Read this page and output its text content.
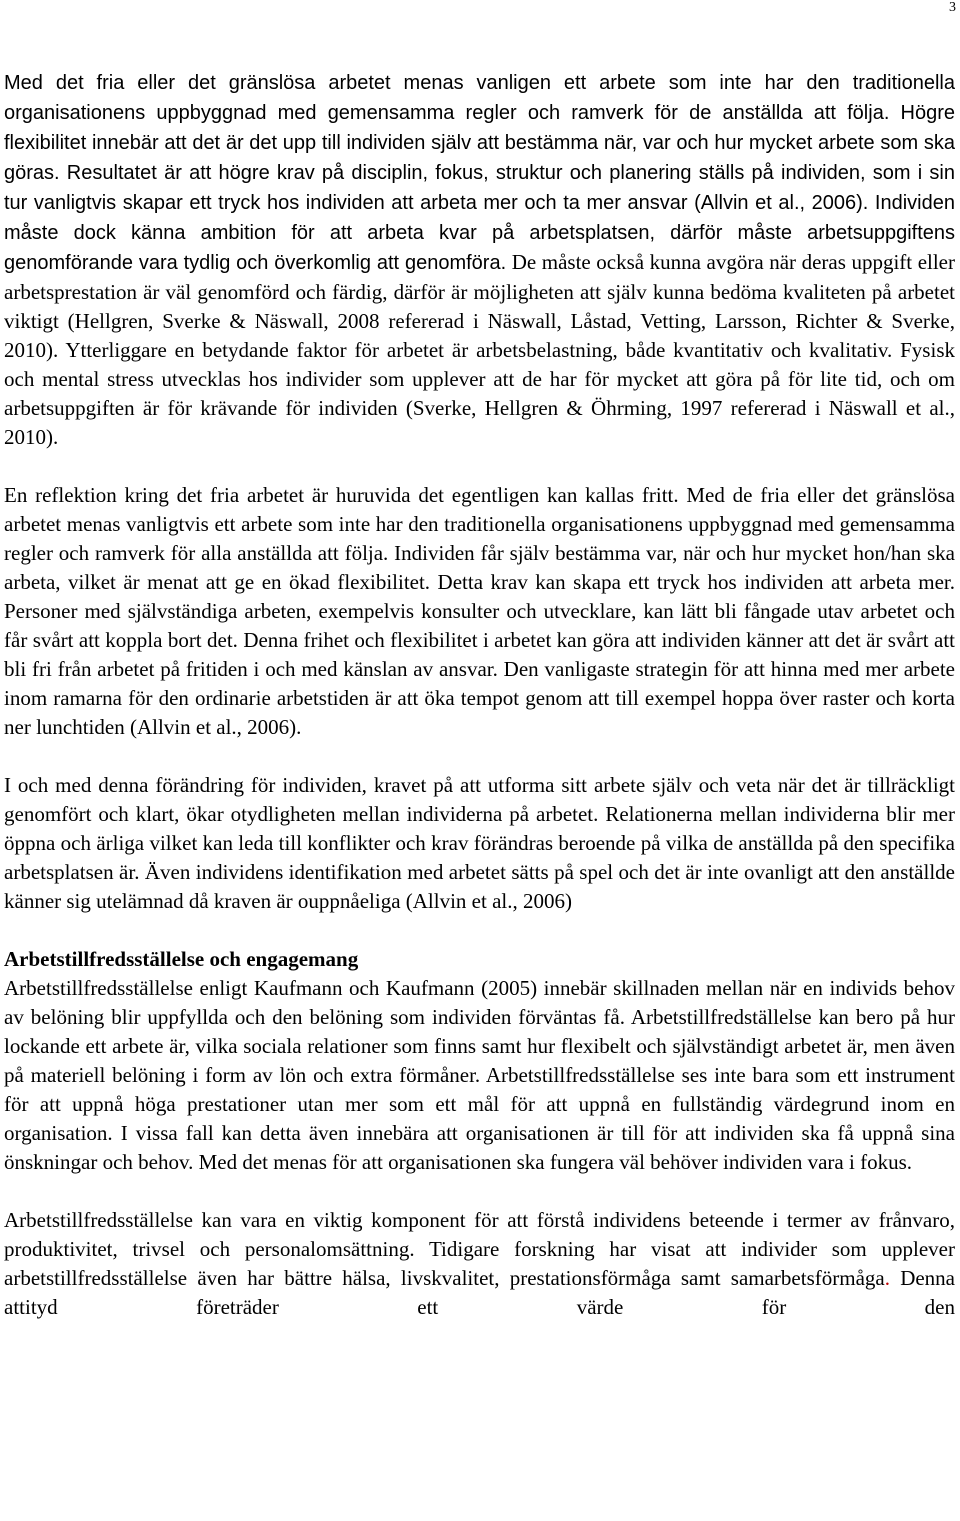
3

Med det fria eller det gränslösa arbetet menas vanligen ett arbete som inte har den traditionella organisationens uppbyggnad med gemensamma regler och ramverk för de anställda att följa. Högre flexibilitet innebär att det är det upp till individen själv att bestämma när, var och hur mycket arbete som ska göras. Resultatet är att högre krav på disciplin, fokus, struktur och planering ställs på individen, som i sin tur vanligtvis skapar ett tryck hos individen att arbeta mer och ta mer ansvar (Allvin et al., 2006). Individen måste dock känna ambition för att arbeta kvar på arbetsplatsen, därför måste arbetsuppgiftens genomförande vara tydlig och överkomlig att genomföra. De måste också kunna avgöra när deras uppgift eller arbetsprestation är väl genomförd och färdig, därför är möjligheten att själv kunna bedöma kvaliteten på arbetet viktigt (Hellgren, Sverke & Näswall, 2008 refererad i Näswall, Låstad, Vetting, Larsson, Richter & Sverke, 2010). Ytterliggare en betydande faktor för arbetet är arbetsbelastning, både kvantitativ och kvalitativ. Fysisk och mental stress utvecklas hos individer som upplever att de har för mycket att göra på för lite tid, och om arbetsuppgiften är för krävande för individen (Sverke, Hellgren & Öhrming, 1997 refererad i Näswall et al., 2010).

En reflektion kring det fria arbetet är huruvida det egentligen kan kallas fritt. Med de fria eller det gränslösa arbetet menas vanligtvis ett arbete som inte har den traditionella organisationens uppbyggnad med gemensamma regler och ramverk för alla anställda att följa. Individen får själv bestämma var, när och hur mycket hon/han ska arbeta, vilket är menat att ge en ökad flexibilitet. Detta krav kan skapa ett tryck hos individen att arbeta mer. Personer med självständiga arbeten, exempelvis konsulter och utvecklare, kan lätt bli fångade utav arbetet och får svårt att koppla bort det. Denna frihet och flexibilitet i arbetet kan göra att individen känner att det är svårt att bli fri från arbetet på fritiden i och med känslan av ansvar. Den vanligaste strategin för att hinna med mer arbete inom ramarna för den ordinarie arbetstiden är att öka tempot genom att till exempel hoppa över raster och korta ner lunchtiden (Allvin et al., 2006).

I och med denna förändring för individen, kravet på att utforma sitt arbete själv och veta när det är tillräckligt genomfört och klart, ökar otydligheten mellan individerna på arbetet. Relationerna mellan individerna blir mer öppna och ärliga vilket kan leda till konflikter och krav förändras beroende på vilka de anställda på den specifika arbetsplatsen är. Även individens identifikation med arbetet sätts på spel och det är inte ovanligt att den anställde känner sig utelämnad då kraven är ouppnåeliga (Allvin et al., 2006)

Arbetstillfredsställelse och engagemang

Arbetstillfredsställelse enligt Kaufmann och Kaufmann (2005) innebär skillnaden mellan när en individs behov av belöning blir uppfyllda och den belöning som individen förväntas få. Arbetstillfredställelse kan bero på hur lockande ett arbete är, vilka sociala relationer som finns samt hur flexibelt och självständigt arbetet är, men även på materiell belöning i form av lön och extra förmåner. Arbetstillfredsställelse ses inte bara som ett instrument för att uppnå höga prestationer utan mer som ett mål för att uppnå en fullständig värdegrund inom en organisation. I vissa fall kan detta även innebära att organisationen är till för att individen ska få uppnå sina önskningar och behov. Med det menas för att organisationen ska fungera väl behöver individen vara i fokus.

Arbetstillfredsställelse kan vara en viktig komponent för att förstå individens beteende i termer av frånvaro, produktivitet, trivsel och personalomsättning. Tidigare forskning har visat att individer som upplever arbetstillfredsställelse även har bättre hälsa, livskvalitet, prestationsförmåga samt samarbetsförmåga. Denna attityd företräder ett värde för den
